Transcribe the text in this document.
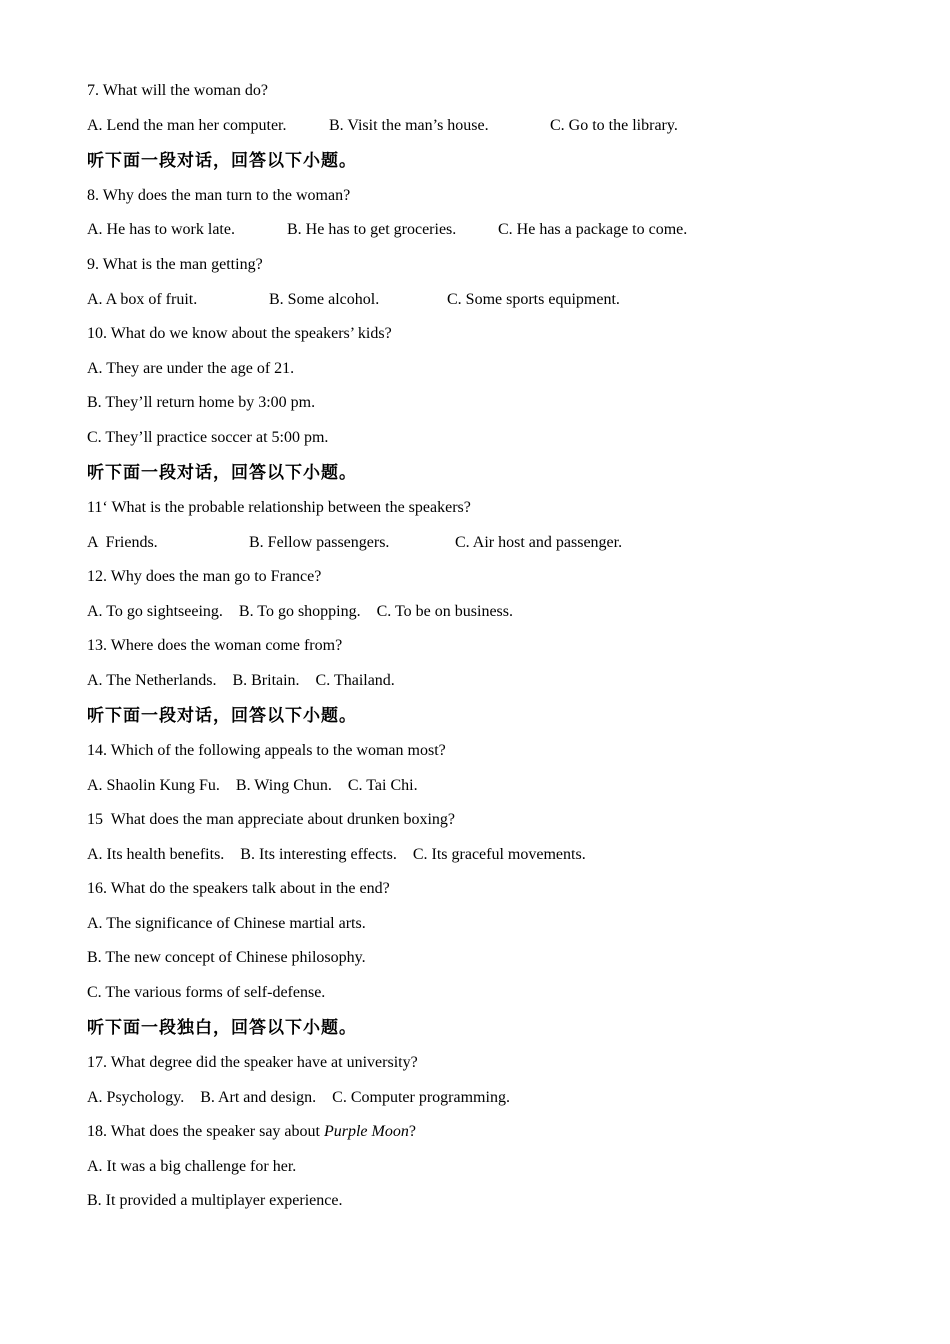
7. What will the woman do?

A. Lend the man her computer.

	B. Visit the man’s house.

	C. Go to the library.

听下面一段对话，回答以下小题。
8. Why does the man turn to the woman?

A. He has to work late.

	B. He has to get groceries.

	C. He has a package to come.

9. What is the man getting?

A. A box of fruit.

	B. Some alcohol.

	C. Some sports equipment.

10. What do we know about the speakers’ kids?
A. They are under the age of 21.
B. They’ll return home by 3:00 pm.
C. They’ll practice soccer at 5:00 pm.
听下面一段对话，回答以下小题。
11‘ What is the probable relationship between the speakers?

A  Friends.

	B. Fellow passengers.

	C. Air host and passenger.

12. Why does the man go to France?
A. To go sightseeing.    B. To go shopping.    C. To be on business.
13. Where does the woman come from?
A. The Netherlands.    B. Britain.    C. Thailand.
听下面一段对话，回答以下小题。
14. Which of the following appeals to the woman most?
A. Shaolin Kung Fu.    B. Wing Chun.    C. Tai Chi.
15  What does the man appreciate about drunken boxing?
A. Its health benefits.    B. Its interesting effects.    C. Its graceful movements.
16. What do the speakers talk about in the end?
A. The significance of Chinese martial arts.
B. The new concept of Chinese philosophy.
C. The various forms of self-defense.
听下面一段独白，回答以下小题。
17. What degree did the speaker have at university?
A. Psychology.    B. Art and design.    C. Computer programming.
18. What does the speaker say about Purple Moon?
A. It was a big challenge for her.
B. It provided a multiplayer experience.
